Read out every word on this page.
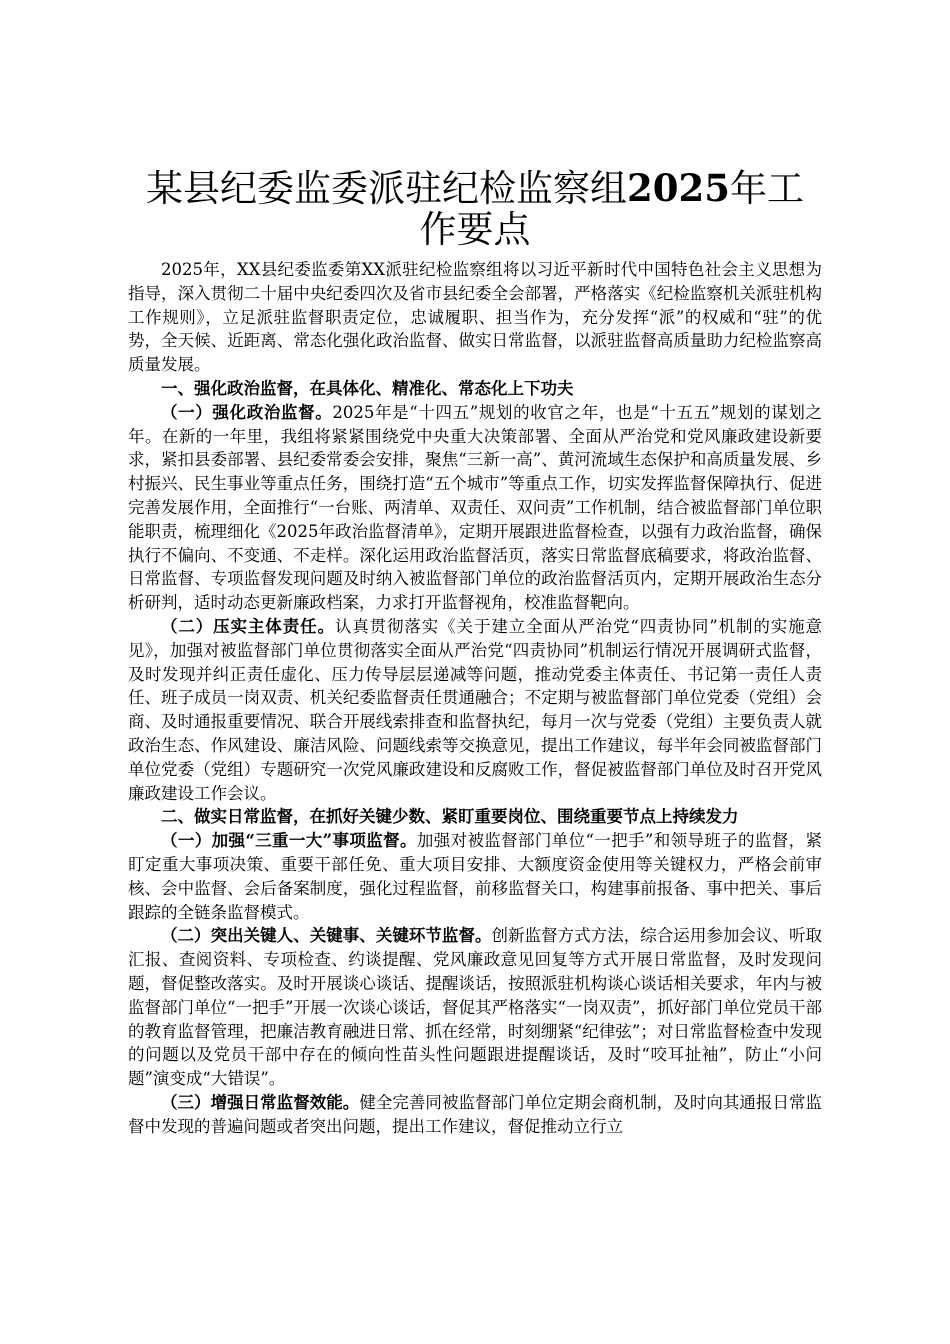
某县纪委监委派驻纪检监察组2025年工作要点

2025年，XX县纪委监委第XX派驻纪检监察组将以习近平新时代中国特色社会主义思想为指导，深入贯彻二十届中央纪委四次及省市县纪委全会部署，严格落实《纪检监察机关派驻机构工作规则》，立足派驻监督职责定位，忠诚履职、担当作为，充分发挥“派”的权威和“驻”的优势，全天候、近距离、常态化强化政治监督、做实日常监督，以派驻监督高质量助力纪检监察高质量发展。

一、强化政治监督，在具体化、精准化、常态化上下功夫

（一）强化政治监督。2025年是“十四五”规划的收官之年，也是“十五五”规划的谋划之年。在新的一年里，我组将紧紧围绕党中央重大决策部署、全面从严治党和党风廉政建设新要求，紧扣县委部署、县纪委常委会安排，聚焦“三新一高”、黄河流域生态保护和高质量发展、乡村振兴、民生事业等重点任务，围绕打造“五个城市”等重点工作，切实发挥监督保障执行、促进完善发展作用，全面推行“一台账、两清单、双责任、双问责”工作机制，结合被监督部门单位职能职责，梳理细化《2025年政治监督清单》，定期开展跟进监督检查，以强有力政治监督，确保执行不偏向、不变通、不走样。深化运用政治监督活页，落实日常监督底稿要求，将政治监督、日常监督、专项监督发现问题及时纳入被监督部门单位的政治监督活页内，定期开展政治生态分析研判，适时动态更新廉政档案，力求打开监督视角，校准监督靶向。

（二）压实主体责任。认真贯彻落实《关于建立全面从严治党“四责协同”机制的实施意见》，加强对被监督部门单位贯彻落实全面从严治党“四责协同”机制运行情况开展调研式监督，及时发现并纠正责任虚化、压力传导层层递减等问题，推动党委主体责任、书记第一责任人责任、班子成员一岗双责、机关纪委监督责任贯通融合；不定期与被监督部门单位党委（党组）会商、及时通报重要情况、联合开展线索排查和监督执纪，每月一次与党委（党组）主要负责人就政治生态、作风建设、廉洁风险、问题线索等交换意见，提出工作建议，每半年会同被监督部门单位党委（党组）专题研究一次党风廉政建设和反腐败工作，督促被监督部门单位及时召开党风廉政建设工作会议。

二、做实日常监督，在抓好关键少数、紧盯重要岗位、围绕重要节点上持续发力

（一）加强“三重一大”事项监督。加强对被监督部门单位“一把手”和领导班子的监督，紧盯定重大事项决策、重要干部任免、重大项目安排、大额度资金使用等关键权力，严格会前审核、会中监督、会后备案制度，强化过程监督，前移监督关口，构建事前报备、事中把关、事后跟踪的全链条监督模式。

（二）突出关键人、关键事、关键环节监督。创新监督方式方法，综合运用参加会议、听取汇报、查阅资料、专项检查、约谈提醒、党风廉政意见回复等方式开展日常监督，及时发现问题，督促整改落实。及时开展谈心谈话、提醒谈话，按照派驻机构谈心谈话相关要求，年内与被监督部门单位“一把手”开展一次谈心谈话，督促其严格落实“一岗双责”，抓好部门单位党员干部的教育监督管理，把廉洁教育融进日常、抓在经常，时刻绷紧“纪律弦”；对日常监督检查中发现的问题以及党员干部中存在的倾向性苗头性问题跟进提醒谈话，及时“咬耳扯袖”，防止“小问题”演变成“大错误”。

（三）增强日常监督效能。健全完善同被监督部门单位定期会商机制，及时向其通报日常监督中发现的普遍问题或者突出问题，提出工作建议，督促推动立行立
